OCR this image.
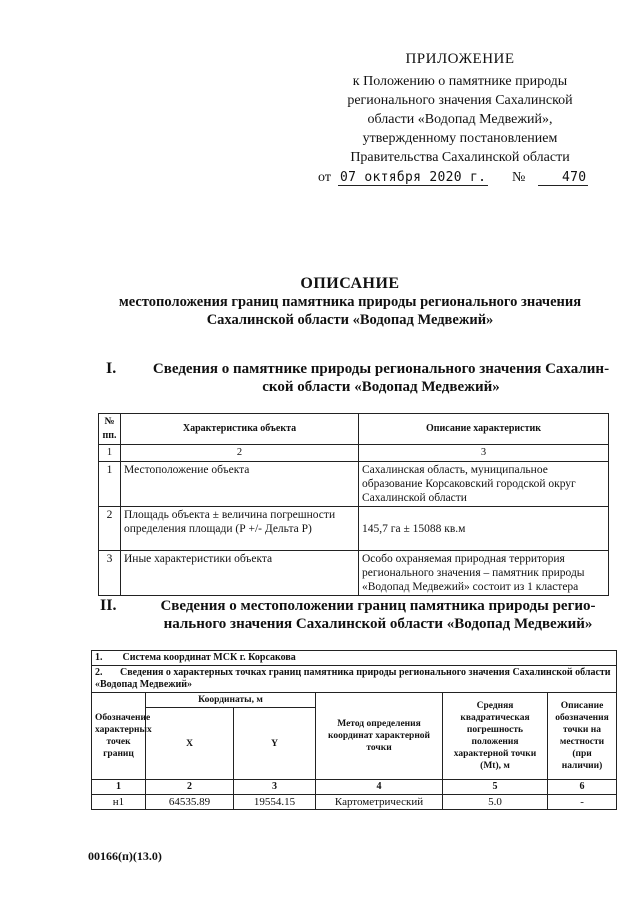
ПРИЛОЖЕНИЕ
к Положению о памятнике природы
регионального значения Сахалинской
области «Водопад Медвежий»,
утвержденному постановлением
Правительства Сахалинской области
от 07 октября 2020 г. №	470
ОПИСАНИЕ
местоположения границ памятника природы регионального значения
Сахалинской области «Водопад Медвежий»
I.	Сведения о памятнике природы регионального значения Сахалин-
ской области «Водопад Медвежий»
№ пп.	Характеристика объекта	Описание характеристик
1	2	3
1	Местоположение объекта	Сахалинская область, муниципальное образование Корсаковский городской округ Сахалинской области
2	Площадь объекта ± величина погрешности определения площади (Р +/- Дельта Р)	145,7 га ± 15088 кв.м
3	Иные характеристики объекта	Особо охраняемая природная территория регионального значения – памятник природы «Водопад Медвежий» состоит из 1 кластера
II.	Сведения о местоположении границ памятника природы регио-
нального значения Сахалинской области «Водопад Медвежий»
1. Система координат МСК г. Корсакова					
2. Сведения о характерных точках границ памятника природы регионального значения Сахалинской области «Водопад Медвежий»					
Обозначение характерных точек границ	Координаты, м		Метод определения координат характерной точки	Средняя квадратическая погрешность положения характерной точки (Mt), м	Описание обозначения точки на местности (при наличии)
	X	Y			
1	2	3	4	5	6
н1	64535.89	19554.15	Картометрический	5.0	-
00166(п)(13.0)
